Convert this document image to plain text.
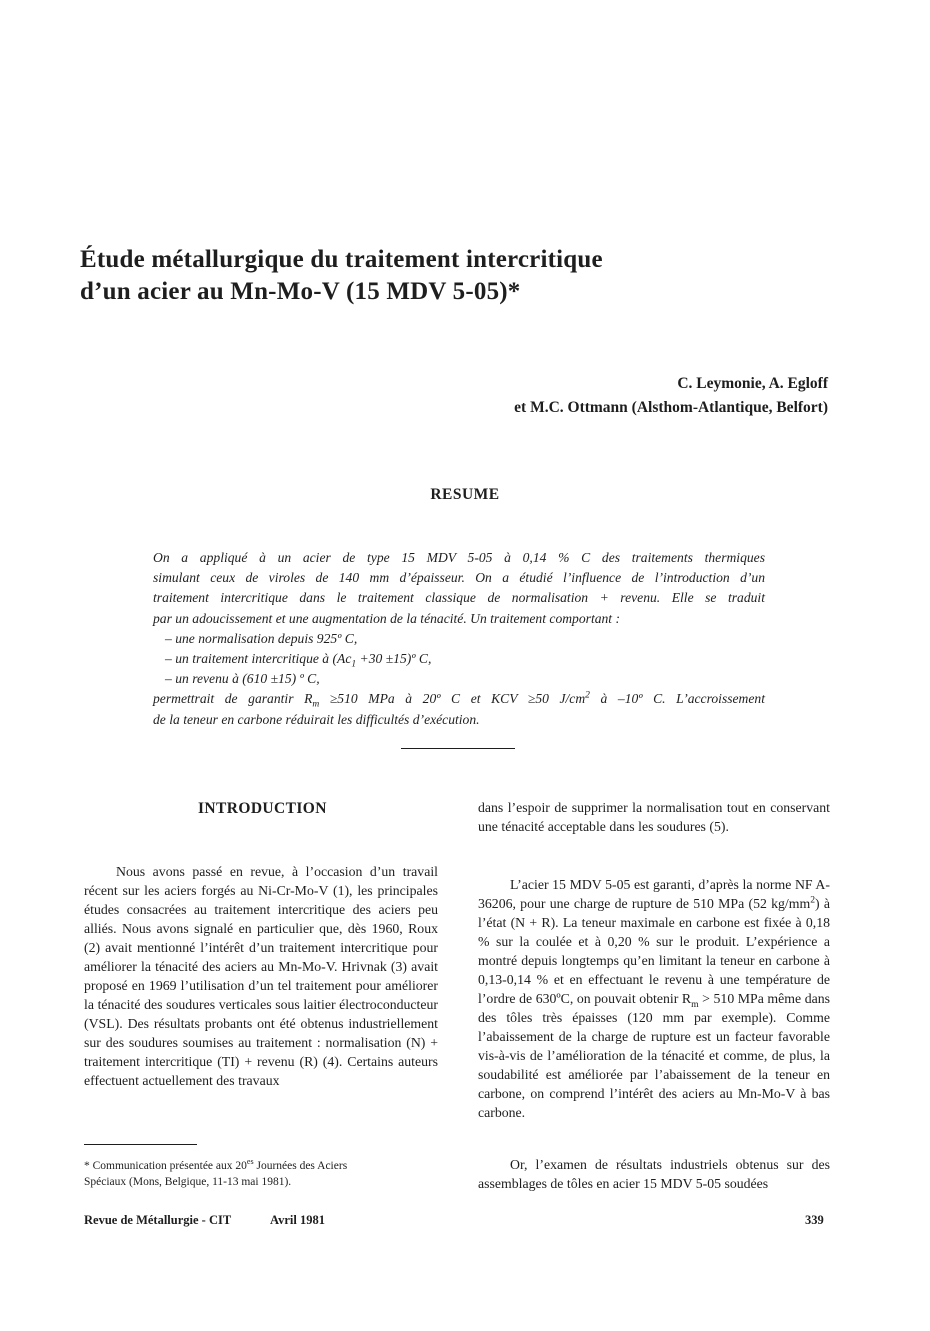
Étude métallurgique du traitement intercritique
d’un acier au Mn-Mo-V (15 MDV 5-05)*
C. Leymonie, A. Egloff
et M.C. Ottmann (Alsthom-Atlantique, Belfort)
RESUME
On a appliqué à un acier de type 15 MDV 5-05 à 0,14 % C des traitements thermiques
simulant ceux de viroles de 140 mm d’épaisseur. On a étudié l’influence de l’introduction d’un
traitement intercritique dans le traitement classique de normalisation + revenu. Elle se traduit
par un adoucissement et une augmentation de la ténacité. Un traitement comportant :
– une normalisation depuis 925º C,
– un traitement intercritique à ($Ac_1 +30$ ±15)º C,
– un revenu à (610 ±15) º C,
permettrait de garantir $R_m \ge 510$ MPa à 20º C et KCV ≥50 $J/cm^2$ à –10º C. L’accroissement
de la teneur en carbone réduirait les difficultés d’exécution.
INTRODUCTION

Nous avons passé en revue, à l’occasion d’un travail récent sur les aciers forgés au Ni-Cr-Mo-V (1), les principales études consacrées au traitement intercritique des aciers peu alliés. Nous avons signalé en particulier que, dès 1960, Roux (2) avait mentionné l’intérêt d’un traitement intercritique pour améliorer la ténacité des aciers au Mn-Mo-V. Hrivnak (3) avait proposé en 1969 l’utilisation d’un tel traitement pour améliorer la ténacité des soudures verticales sous laitier électroconducteur (VSL). Des résultats probants ont été obtenus industriellement sur des soudures soumises au traitement : normalisation (N) + traitement intercritique (TI) + revenu (R) (4). Certains auteurs effectuent actuellement des travaux

dans l’espoir de supprimer la normalisation tout en conservant une ténacité acceptable dans les soudures (5).

L’acier 15 MDV 5-05 est garanti, d’après la norme NF A-36206, pour une charge de rupture de 510 MPa (52 $kg/mm^2$) à l’état (N + R). La teneur maximale en carbone est fixée à 0,18 % sur la coulée et à 0,20 % sur le produit. L’expérience a montré depuis longtemps qu’en limitant la teneur en carbone à 0,13-0,14 % et en effectuant le revenu à une température de l’ordre de 630ºC, on pouvait obtenir $R_m > 510$ MPa même dans des tôles très épaisses (120 mm par exemple). Comme l’abaissement de la charge de rupture est un facteur favorable vis-à-vis de l’amélioration de la ténacité et comme, de plus, la soudabilité est améliorée par l’abaissement de la teneur en carbone, on comprend l’intérêt des aciers au Mn-Mo-V à bas carbone.

Or, l’examen de résultats industriels obtenus sur des assemblages de tôles en acier 15 MDV 5-05 soudées

* Communication présentée aux $20^{es}$ Journées des Aciers Spéciaux (Mons, Belgique, 11-13 mai 1981).
Revue de Métallurgie - CIT	Avril 1981	339
